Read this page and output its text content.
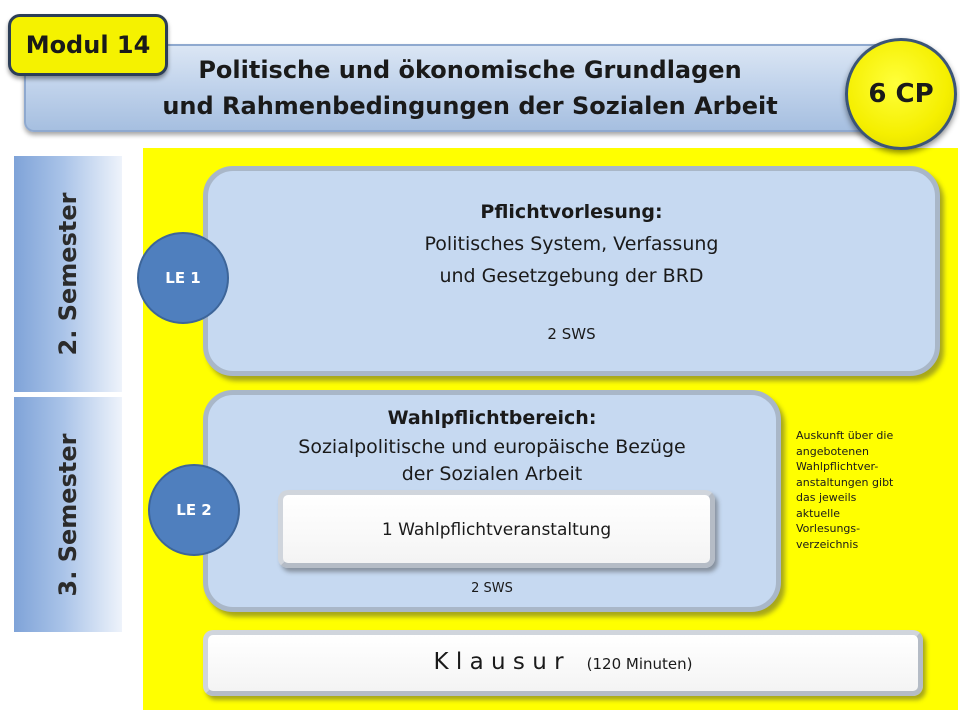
Politische und ökonomische Grundlagen
und Rahmenbedingungen der Sozialen Arbeit
Modul 14
2. Semester
3. Semester
Pflichtvorlesung:
Politisches System, Verfassung
und Gesetzgebung der BRD
2 SWS
Wahlpflichtbereich:
Sozialpolitische und europäische Bezüge
der Sozialen Arbeit
2 SWS
1 Wahlpflichtveranstaltung
LE 1
LE 2
Auskunft über die
angebotenen
Wahlpflichtver-
anstaltungen gibt
das jeweils
aktuelle
Vorlesungs-
verzeichnis
K l a u s u r (120 Minuten)
6 CP
